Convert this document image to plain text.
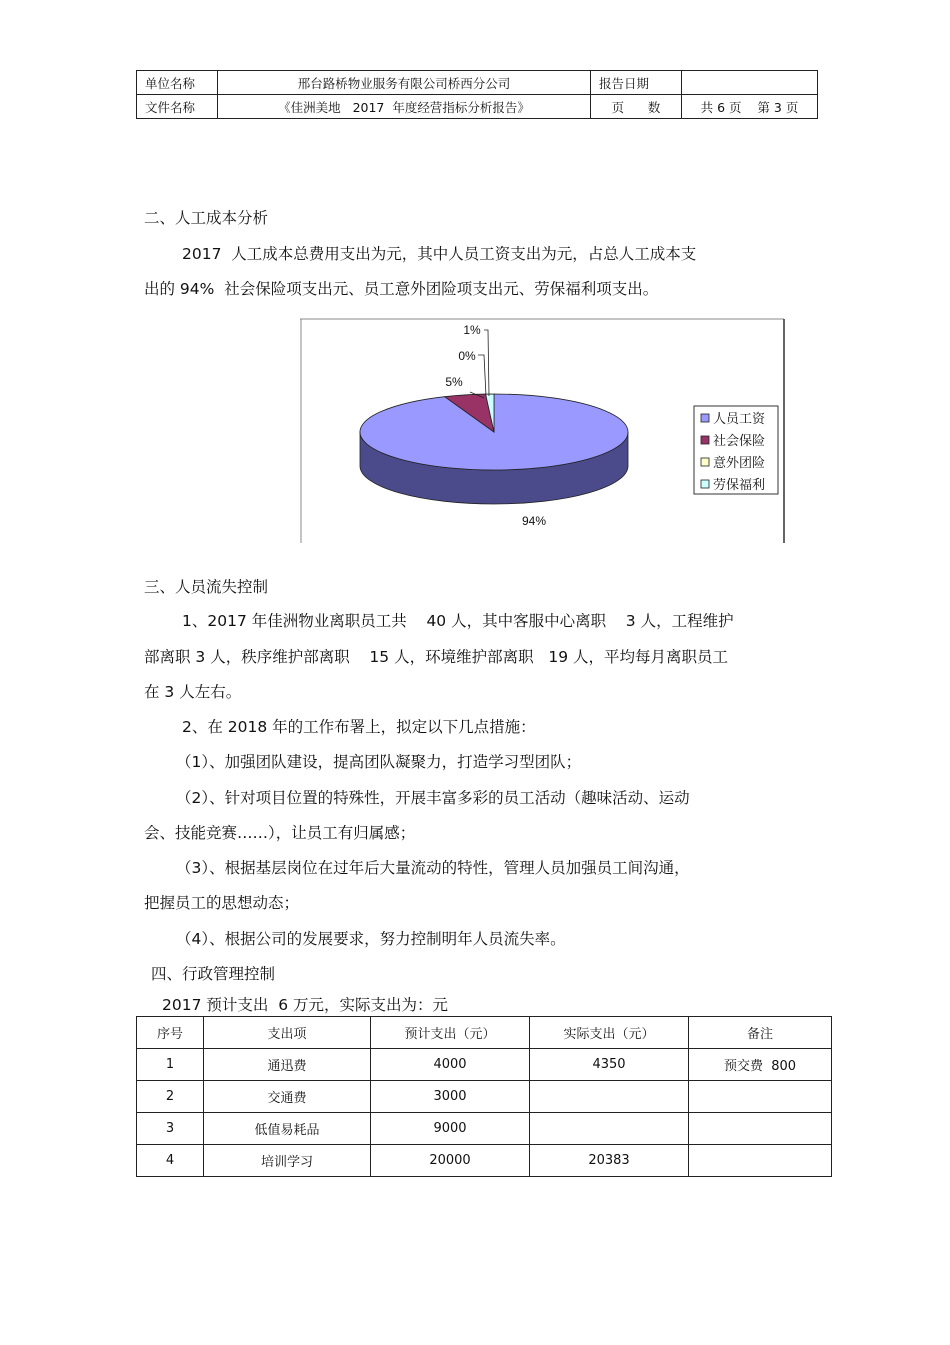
单位名称	邢台路桥物业服务有限公司桥西分公司	报告日期	
文件名称	《佳洲美地   2017  年度经营指标分析报告》	页      数	共 6 页    第 3 页
二、人工成本分析
2017  人工成本总费用支出为元，其中人员工资支出为元，占总人工成本支
出的 94%  社会保险项支出元、员工意外团险项支出元、劳保福利项支出。
94%
5%
0%
1%
人员工资
社会保险
意外团险
劳保福利
三、人员流失控制
1、2017 年佳洲物业离职员工共    40 人，其中客服中心离职    3 人，工程维护
部离职 3 人，秩序维护部离职    15 人，环境维护部离职   19 人，平均每月离职员工
在 3 人左右。
2、在 2018 年的工作布署上，拟定以下几点措施：
（1）、加强团队建设，提高团队凝聚力，打造学习型团队；
（2）、针对项目位置的特殊性，开展丰富多彩的员工活动（趣味活动、运动
会、技能竞赛……），让员工有归属感；
（3）、根据基层岗位在过年后大量流动的特性，管理人员加强员工间沟通，
把握员工的思想动态；
（4）、根据公司的发展要求，努力控制明年人员流失率。
四、行政管理控制
2017 预计支出  6 万元，实际支出为：元
序号	支出项	预计支出（元）	实际支出（元）	备注
1	通迅费	4000	4350	预交费  800
2	交通费	3000		
3	低值易耗品	9000		
4	培训学习	20000	20383	
